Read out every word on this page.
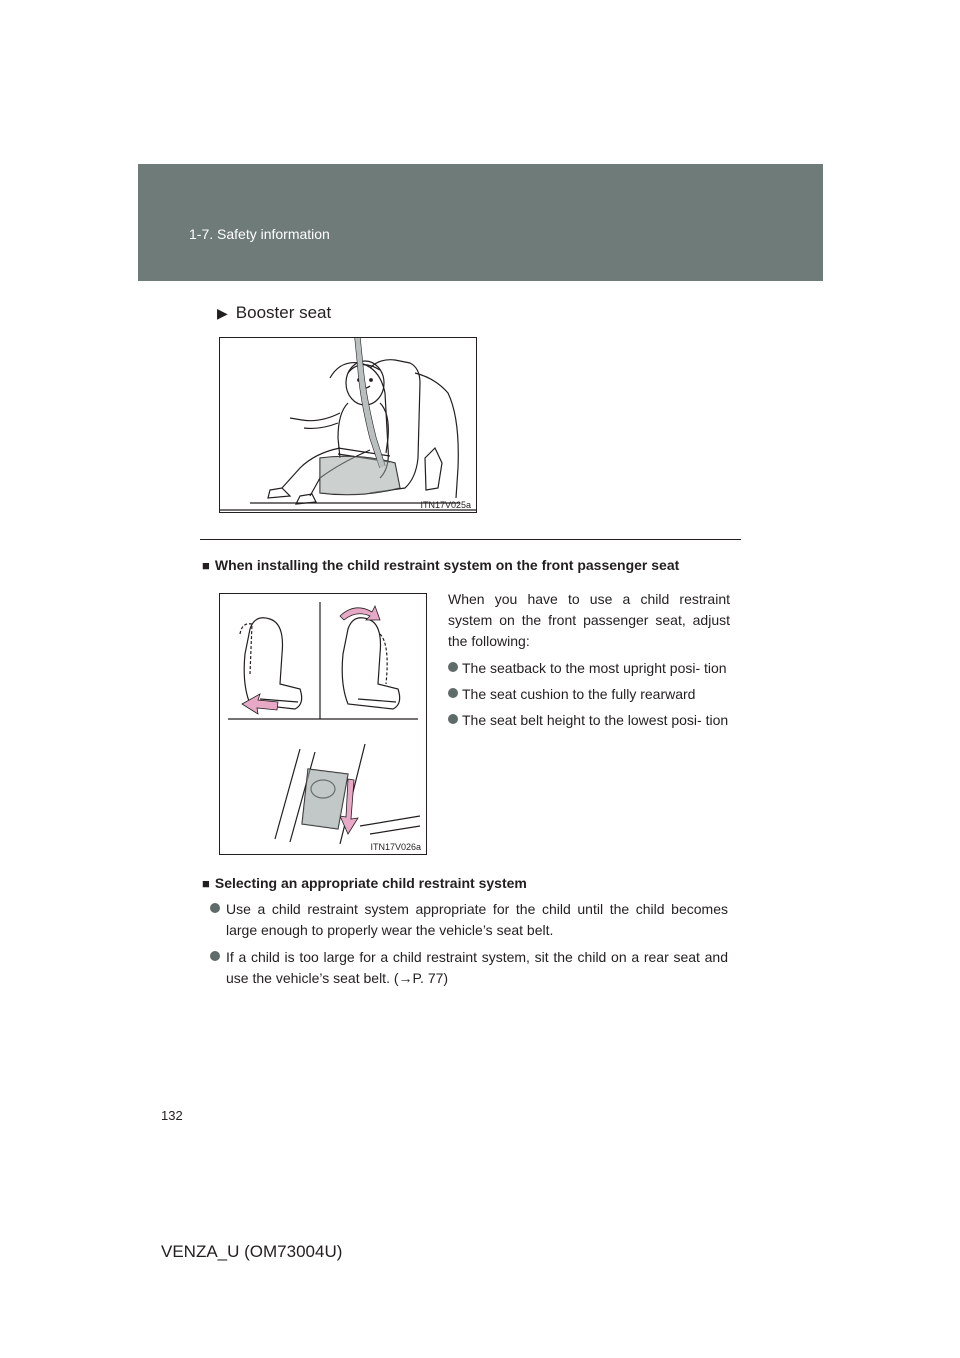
1-7. Safety information
▶ Booster seat
ITN17V025a
■ When installing the child restraint system on the front passenger seat
ITN17V026a

When you have to use a child restraint system on the front passenger seat, adjust the following:

The seatback to the most upright posi- tion
The seat cushion to the fully rearward
The seat belt height to the lowest posi- tion
■ Selecting an appropriate child restraint system
Use a child restraint system appropriate for the child until the child becomes large enough to properly wear the vehicle’s seat belt.
If a child is too large for a child restraint system, sit the child on a rear seat and use the vehicle’s seat belt. (→P. 77)
132
VENZA_U (OM73004U)
